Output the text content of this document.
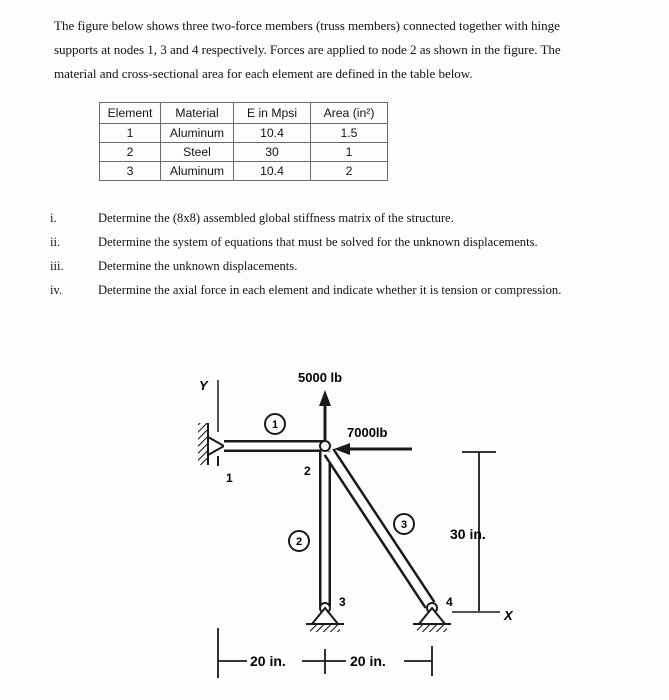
The figure below shows three two-force members (truss members) connected together with hinge

supports at nodes 1, 3 and 4 respectively. Forces are applied to node 2 as shown in the figure. The

material and cross-sectional area for each element are defined in the table below.

Element	Material	E in Mpsi	Area (in²)
1	Aluminum	10.4	1.5
2	Steel	30	1
3	Aluminum	10.4	2
i.	Determine the (8x8) assembled global stiffness matrix of the structure.
ii.	Determine the system of equations that must be solved for the unknown displacements.
iii.	Determine the unknown displacements.
iv.	Determine the axial force in each element and indicate whether it is tension or compression.
Y
X
5000 lb
7000lb
1	2
3	4
1
2
3
30 in.
20 in.	20 in.
